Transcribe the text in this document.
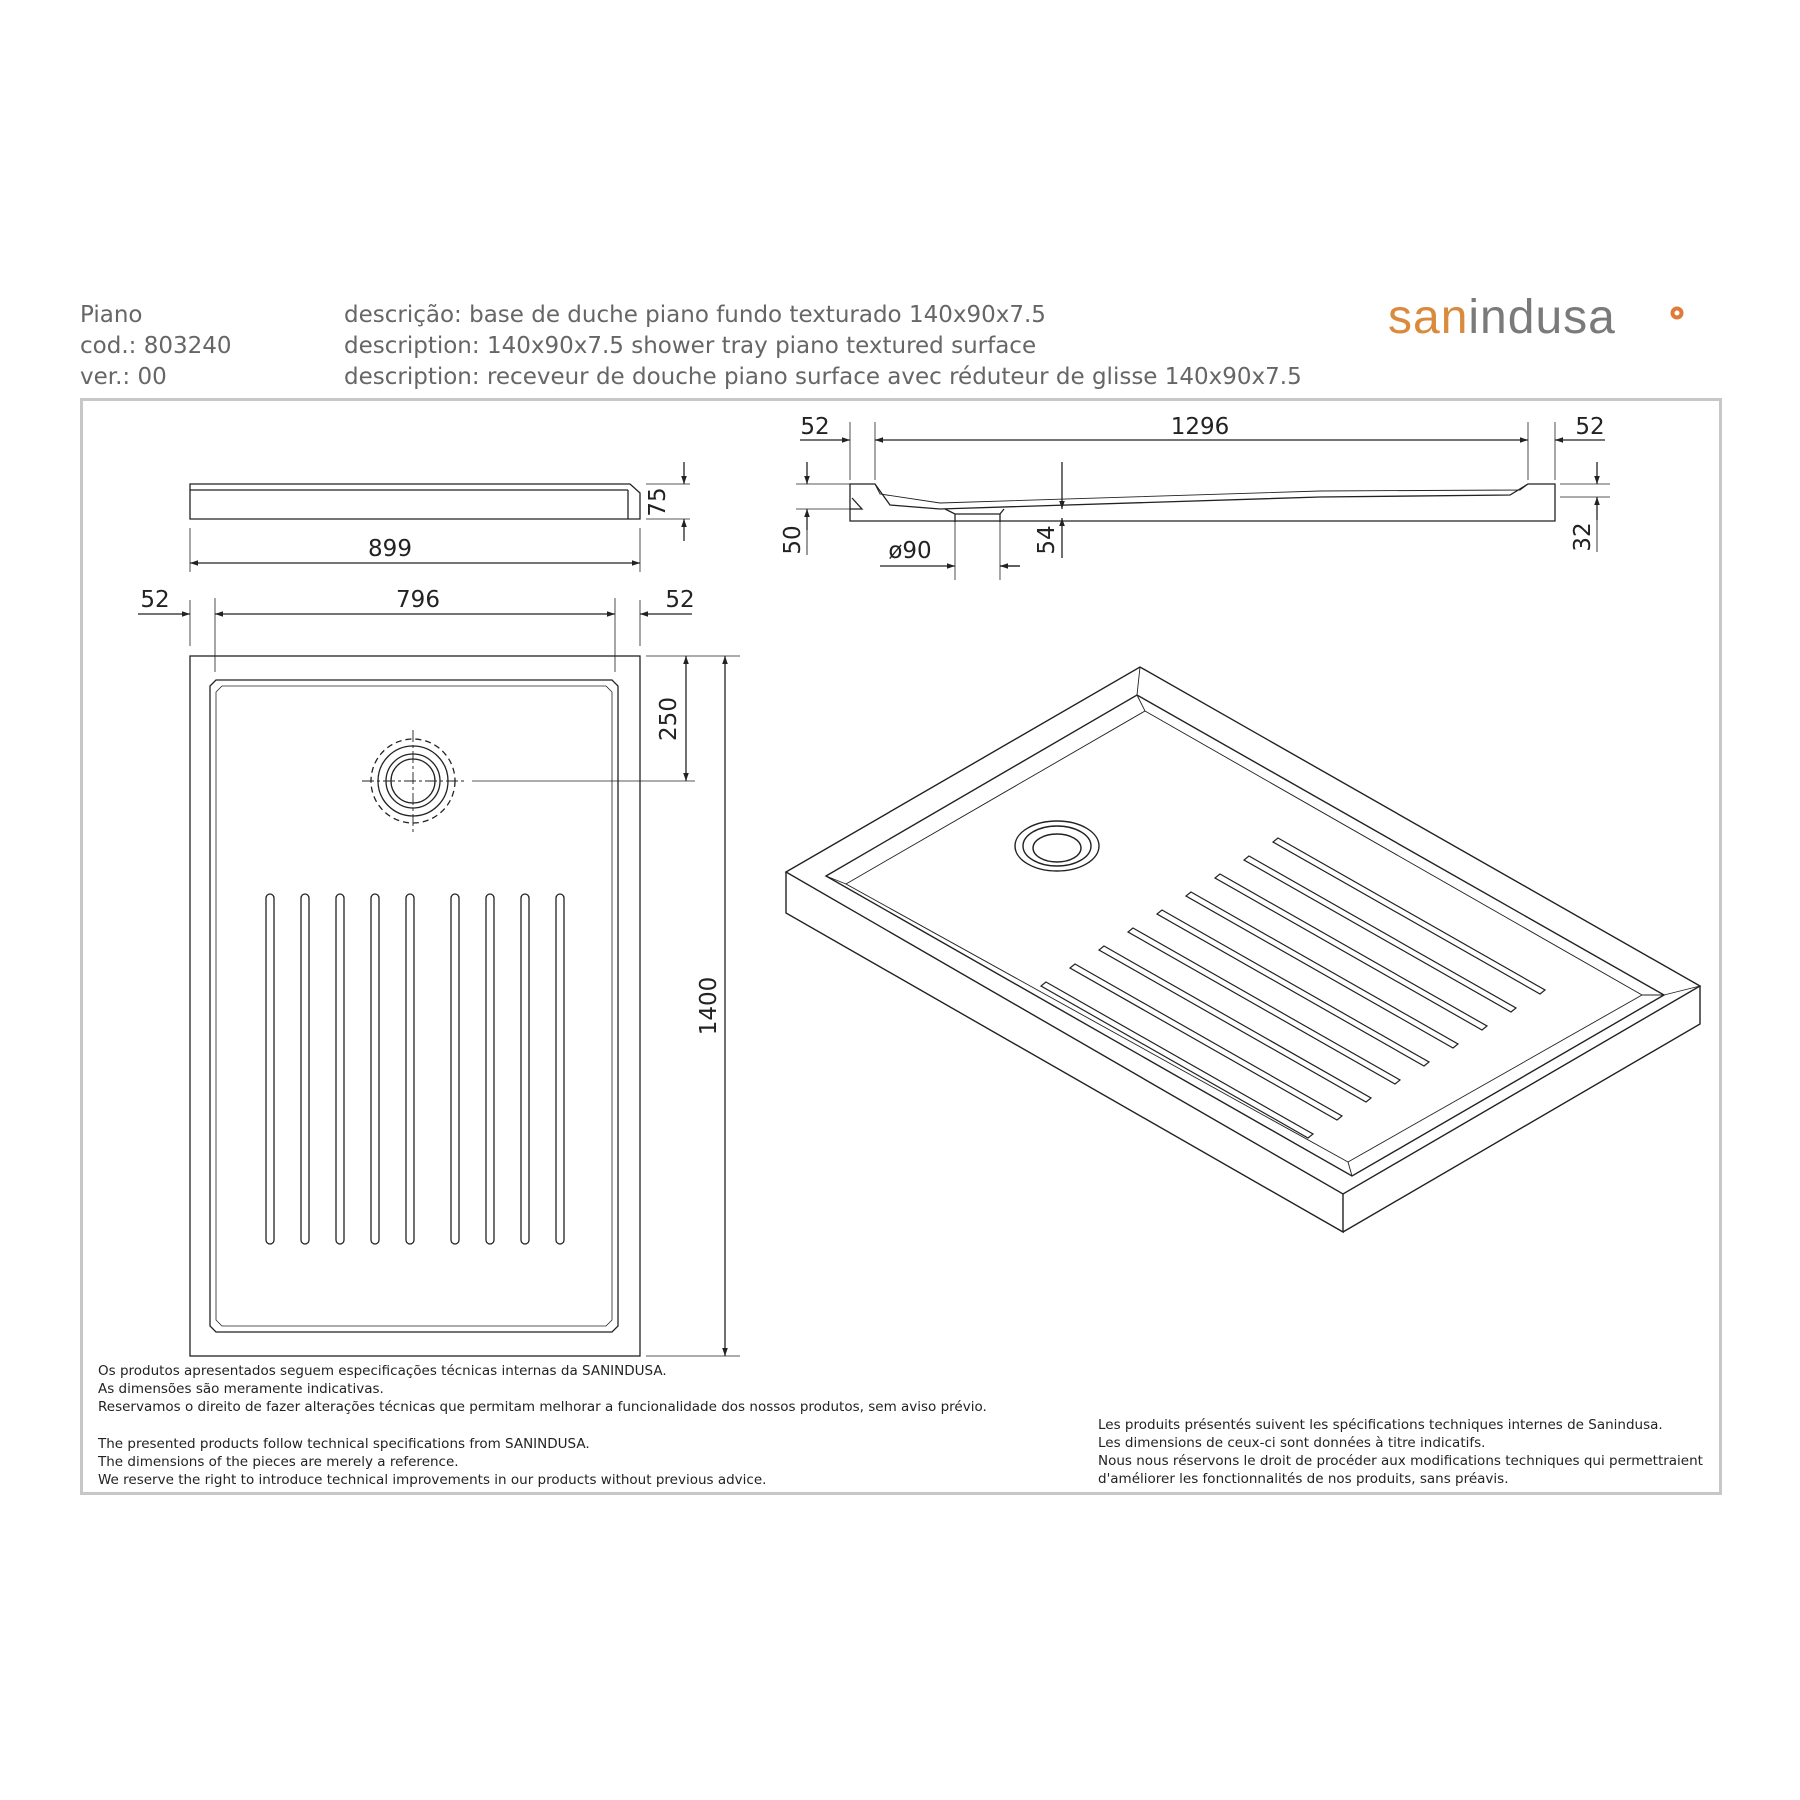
Piano
cod.: 803240
ver.: 00
descrição: base de duche piano fundo texturado 140x90x7.5
description: 140x90x7.5 shower tray piano textured surface
description: receveur de douche piano surface avec réduteur de glisse 140x90x7.5
sanindusa
899
75
52	796	52
250
1400
52	1296	52
50	ø90	54	32
Os produtos apresentados seguem especificações técnicas internas da SANINDUSA.
As dimensões são meramente indicativas.
Reservamos o direito de fazer alterações técnicas que permitam melhorar a funcionalidade dos nossos produtos, sem aviso prévio.
The presented products follow technical specifications from SANINDUSA.
The dimensions of the pieces are merely a reference.
We reserve the right to introduce technical improvements in our products without previous advice.
Les produits présentés suivent les spécifications techniques internes de Sanindusa.
Les dimensions de ceux-ci sont données à titre indicatifs.
Nous nous réservons le droit de procéder aux modifications techniques qui permettraient
d'améliorer les fonctionnalités de nos produits, sans préavis.
